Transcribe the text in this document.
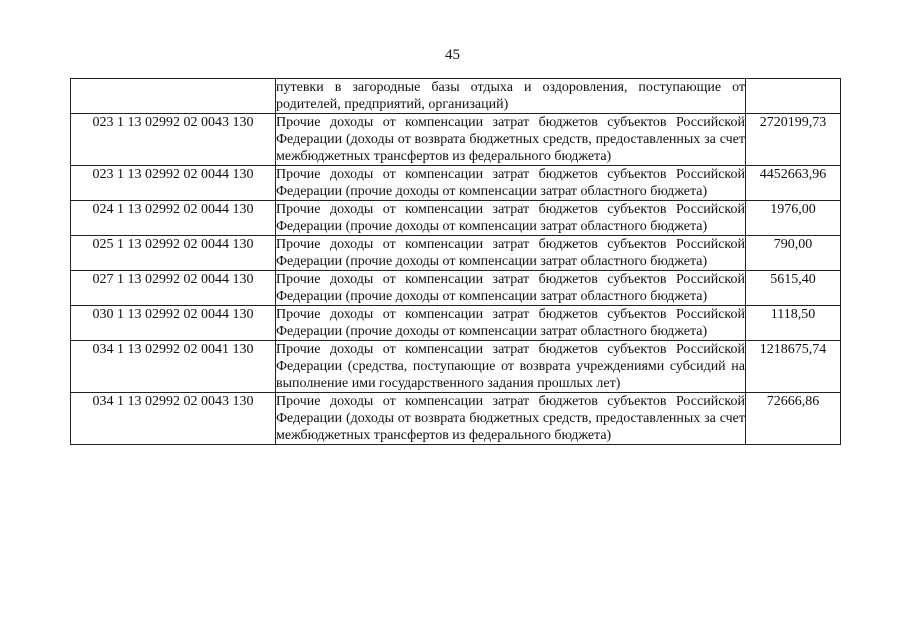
45

	путевки в загородные базы отдыха и оздоровления, поступающие от родителей, предприятий, организаций)	

023 1 13 02992 02 0043 130	Прочие доходы от компенсации затрат бюджетов субъектов Российской Федерации (доходы от возврата бюджетных средств, предоставленных за счет межбюджетных трансфертов из федерального бюджета)	2720199,73
023 1 13 02992 02 0044 130	Прочие доходы от компенсации затрат бюджетов субъектов Российской Федерации (прочие доходы от компенсации затрат областного бюджета)	4452663,96
024 1 13 02992 02 0044 130	Прочие доходы от компенсации затрат бюджетов субъектов Российской Федерации (прочие доходы от компенсации затрат областного бюджета)	1976,00
025 1 13 02992 02 0044 130	Прочие доходы от компенсации затрат бюджетов субъектов Российской Федерации (прочие доходы от компенсации затрат областного бюджета)	790,00
027 1 13 02992 02 0044 130	Прочие доходы от компенсации затрат бюджетов субъектов Российской Федерации (прочие доходы от компенсации затрат областного бюджета)	5615,40
030 1 13 02992 02 0044 130	Прочие доходы от компенсации затрат бюджетов субъектов Российской Федерации (прочие доходы от компенсации затрат областного бюджета)	1118,50
034 1 13 02992 02 0041 130	Прочие доходы от компенсации затрат бюджетов субъектов Российской Федерации (средства, поступающие от возврата учреждениями субсидий на выполнение ими государственного задания прошлых лет)	1218675,74
034 1 13 02992 02 0043 130	Прочие доходы от компенсации затрат бюджетов субъектов Российской Федерации (доходы от возврата бюджетных средств, предоставленных за счет межбюджетных трансфертов из федерального бюджета)	72666,86
